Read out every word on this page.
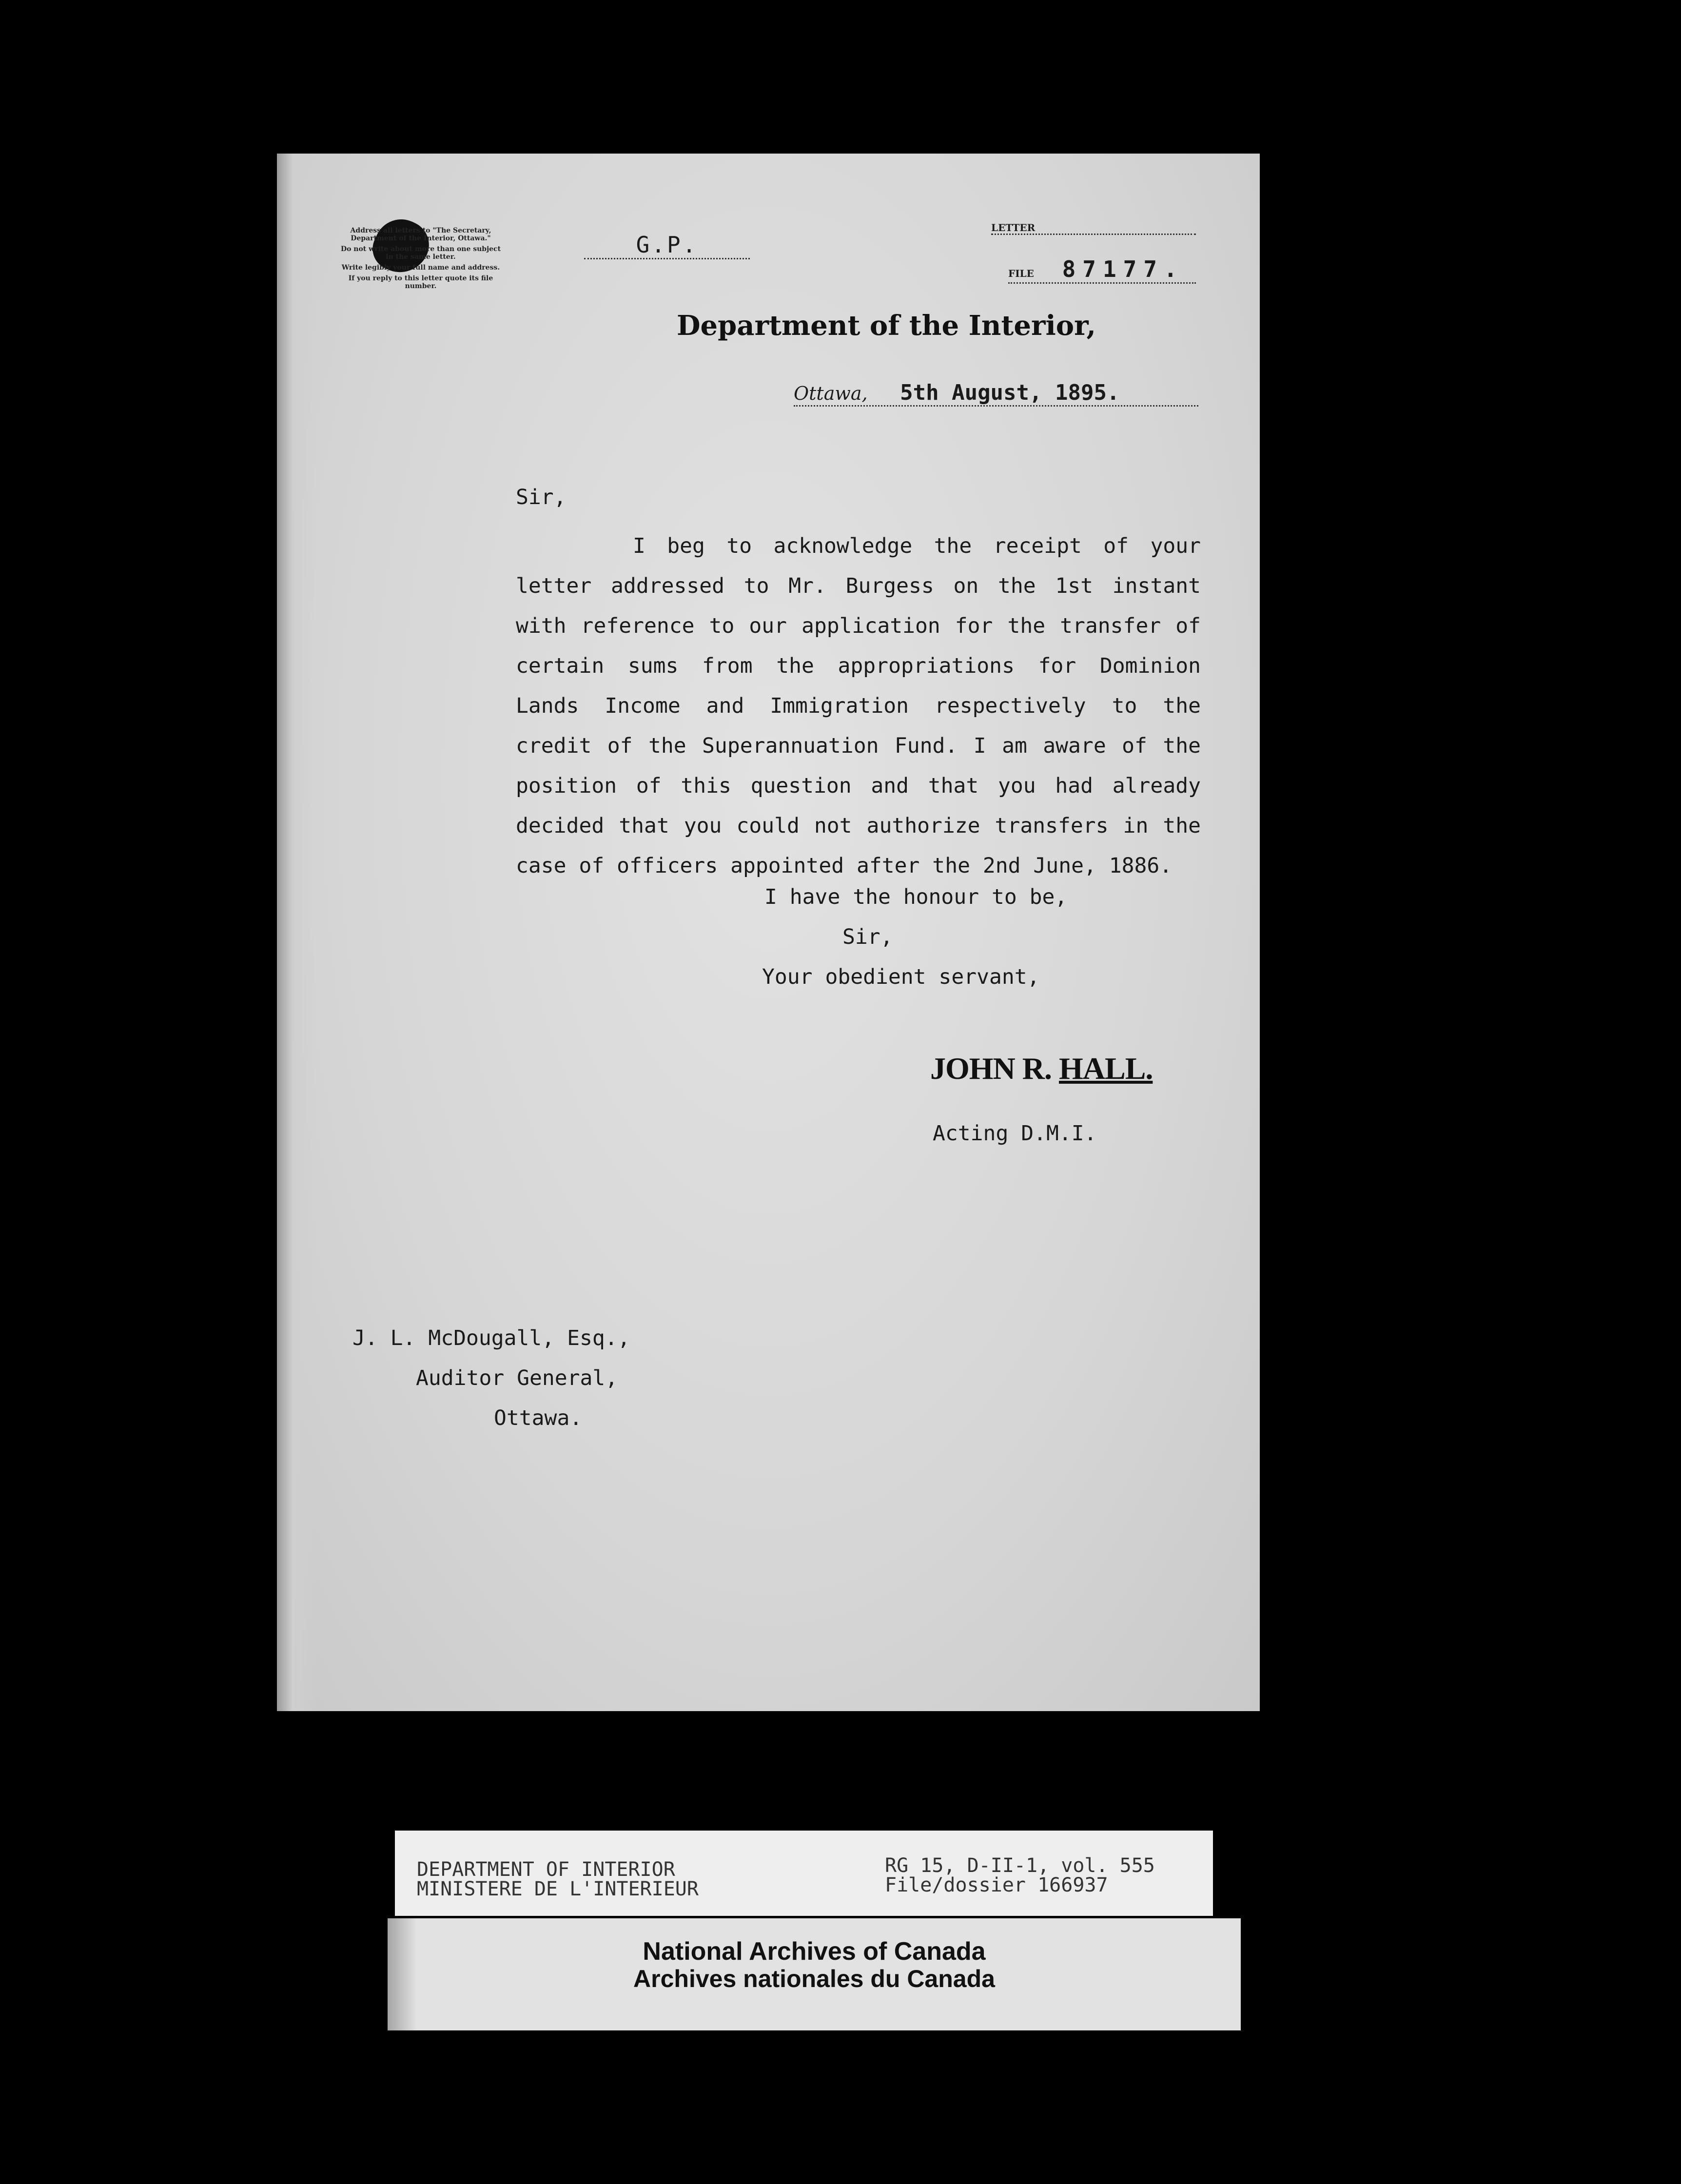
Address all letters to "The Secretary, Department of the Interior, Ottawa."
Do not write about more than one subject in the same letter.
Write legibly your full name and address.
If you reply to this letter quote its file number.
G.P.
LETTER
FILE 87177.
Department of the Interior,
Ottawa, 5th August, 1895.
Sir,
I beg to acknowledge the receipt of your letter addressed to Mr. Burgess on the 1st instant with reference to our application for the transfer of certain sums from the appropriations for Dominion Lands Income and Immigration respectively to the credit of the Superannuation Fund. I am aware of the position of this question and that you had already decided that you could not authorize transfers in the case of officers appointed after the 2nd June, 1886.
I have the honour to be,
Sir,
Your obedient servant,
JOHN R. HALL.
Acting D.M.I.
J. L. McDougall, Esq.,
Auditor General,
Ottawa.
DEPARTMENT OF INTERIOR
MINISTERE DE L'INTERIEUR
RG 15, D-II-1, vol. 555
File/dossier 166937
National Archives of Canada
Archives nationales du Canada
